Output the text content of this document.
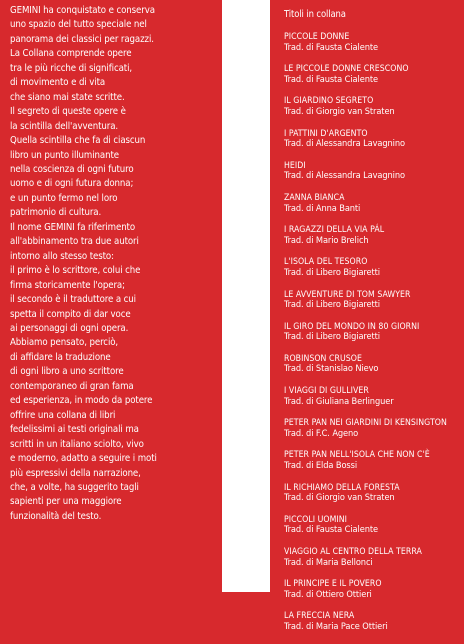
GEMINI ha conquistato e conserva
uno spazio del tutto speciale nel
panorama dei classici per ragazzi.
La Collana comprende opere
tra le più ricche di significati,
di movimento e di vita
che siano mai state scritte.
Il segreto di queste opere è
la scintilla dell'avventura.
Quella scintilla che fa di ciascun
libro un punto illuminante
nella coscienza di ogni futuro
uomo e di ogni futura donna;
e un punto fermo nel loro
patrimonio di cultura.
Il nome GEMINI fa riferimento
all'abbinamento tra due autori
intorno allo stesso testo:
il primo è lo scrittore, colui che
firma storicamente l'opera;
il secondo è il traduttore a cui
spetta il compito di dar voce
ai personaggi di ogni opera.
Abbiamo pensato, perciò,
di affidare la traduzione
di ogni libro a uno scrittore
contemporaneo di gran fama
ed esperienza, in modo da potere
offrire una collana di libri
fedelissimi ai testi originali ma
scritti in un italiano sciolto, vivo
e moderno, adatto a seguire i moti
più espressivi della narrazione,
che, a volte, ha suggerito tagli
sapienti per una maggiore
funzionalità del testo.
Titoli in collana
PICCOLE DONNE
Trad. di Fausta Cialente
LE PICCOLE DONNE CRESCONO
Trad. di Fausta Cialente
IL GIARDINO SEGRETO
Trad. di Giorgio van Straten
I PATTINI D'ARGENTO
Trad. di Alessandra Lavagnino
HEIDI
Trad. di Alessandra Lavagnino
ZANNA BIANCA
Trad. di Anna Banti
I RAGAZZI DELLA VIA PÁL
Trad. di Mario Brelich
L'ISOLA DEL TESORO
Trad. di Libero Bigiaretti
LE AVVENTURE DI TOM SAWYER
Trad. di Libero Bigiaretti
IL GIRO DEL MONDO IN 80 GIORNI
Trad. di Libero Bigiaretti
ROBINSON CRUSOE
Trad. di Stanislao Nievo
I VIAGGI DI GULLIVER
Trad. di Giuliana Berlinguer
PETER PAN NEI GIARDINI DI KENSINGTON
Trad. di F.C. Ageno
PETER PAN NELL'ISOLA CHE NON C'È
Trad. di Elda Bossi
IL RICHIAMO DELLA FORESTA
Trad. di Giorgio van Straten
PICCOLI UOMINI
Trad. di Fausta Cialente
VIAGGIO AL CENTRO DELLA TERRA
Trad. di Maria Bellonci
IL PRINCIPE E IL POVERO
Trad. di Ottiero Ottieri
LA FRECCIA NERA
Trad. di Maria Pace Ottieri
